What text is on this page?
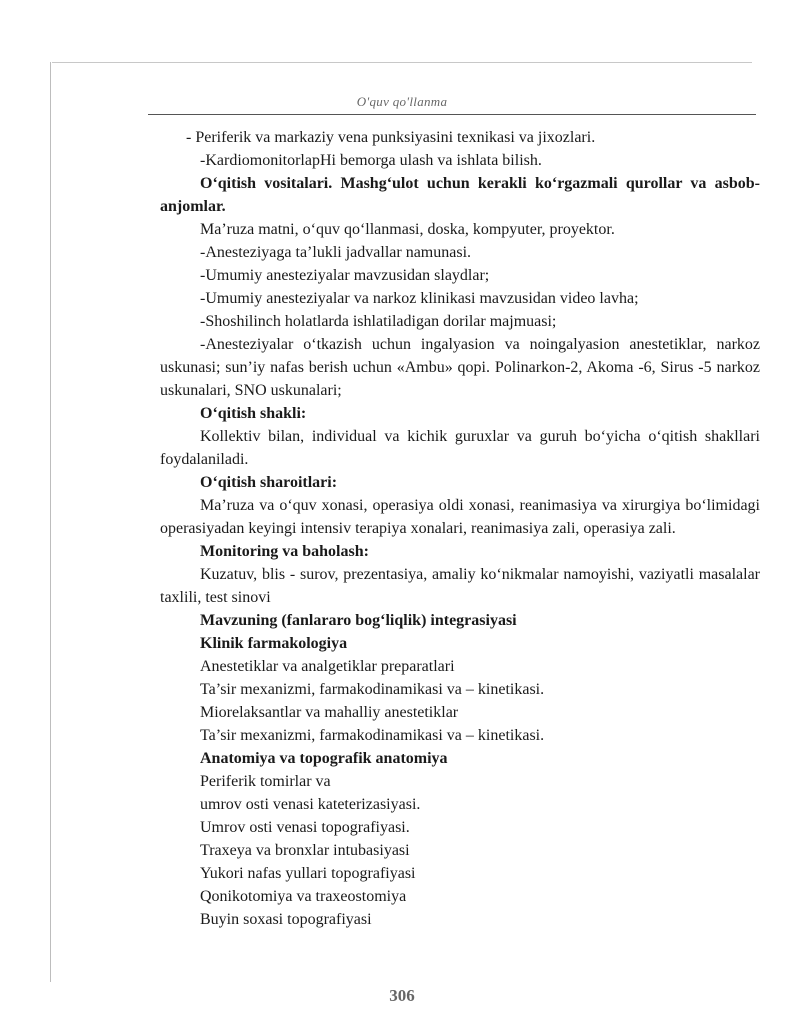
O'quv qo'llanma

- Periferik va markaziy vena punksiyasini texnikasi va jixozlari.

-KardiomonitorlapHi bemorga ulash va ishlata bilish.

O‘qitish vositalari. Mashg‘ulot uchun kerakli ko‘rgazmali qurollar va asbob-anjomlar.

Ma’ruza matni, o‘quv qo‘llanmasi, doska, kompyuter, proyektor.

-Anesteziyaga ta’lukli jadvallar namunasi.

-Umumiy anesteziyalar mavzusidan slaydlar;

-Umumiy anesteziyalar va narkoz klinikasi mavzusidan video lavha;

-Shoshilinch holatlarda ishlatiladigan dorilar majmuasi;

-Anesteziyalar o‘tkazish uchun ingalyasion va noingalyasion anestetiklar, narkoz uskunasi; sun’iy nafas berish uchun «Ambu» qopi. Polinarkon-2, Akoma -6, Sirus -5 narkoz uskunalari, SNO uskunalari;

O‘qitish shakli:

Kollektiv bilan, individual va kichik guruxlar va guruh bo‘yicha o‘qitish shakllari foydalaniladi.

O‘qitish sharoitlari:

Ma’ruza va o‘quv xonasi, operasiya oldi xonasi, reanimasiya va xirurgiya bo‘limidagi operasiyadan keyingi intensiv terapiya xonalari, reanimasiya zali, operasiya zali.

Monitoring va baholash:

Kuzatuv, blis - surov, prezentasiya, amaliy ko‘nikmalar namoyishi, vaziyatli masalalar taxlili, test sinovi

Mavzuning (fanlararo bog‘liqlik) integrasiyasi

Klinik farmakologiya

Anestetiklar va analgetiklar preparatlari

Ta’sir mexanizmi, farmakodinamikasi va – kinetikasi.

Miorelaksantlar va mahalliy anestetiklar

Ta’sir mexanizmi, farmakodinamikasi va – kinetikasi.

Anatomiya va topografik anatomiya

Periferik tomirlar va

umrov osti venasi kateterizasiyasi.

Umrov osti venasi topografiyasi.

Traxeya va bronxlar intubasiyasi

Yukori nafas yullari topografiyasi

Qonikotomiya va traxeostomiya

Buyin soxasi topografiyasi

306
